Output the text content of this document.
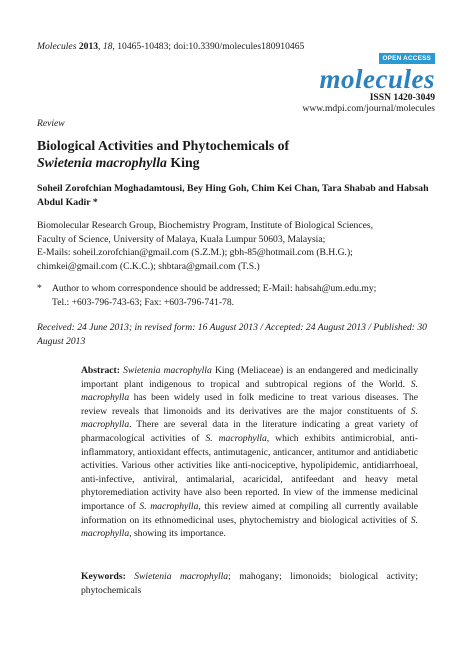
Molecules 2013, 18, 10465-10483; doi:10.3390/molecules180910465
OPEN ACCESS
molecules
ISSN 1420-3049
www.mdpi.com/journal/molecules
Review
Biological Activities and Phytochemicals of
Swietenia macrophylla King
Soheil Zorofchian Moghadamtousi, Bey Hing Goh, Chim Kei Chan, Tara Shabab and Habsah Abdul Kadir *
Biomolecular Research Group, Biochemistry Program, Institute of Biological Sciences,
Faculty of Science, University of Malaya, Kuala Lumpur 50603, Malaysia;
E-Mails: soheil.zorofchian@gmail.com (S.Z.M.); gbh-85@hotmail.com (B.H.G.);
chimkei@gmail.com (C.K.C.); shbtara@gmail.com (T.S.)
* Author to whom correspondence should be addressed; E-Mail: habsah@um.edu.my;
Tel.: +603-796-743-63; Fax: +603-796-741-78.
Received: 24 June 2013; in revised form: 16 August 2013 / Accepted: 24 August 2013 / Published: 30 August 2013
Abstract: Swietenia macrophylla King (Meliaceae) is an endangered and medicinally important plant indigenous to tropical and subtropical regions of the World. S. macrophylla has been widely used in folk medicine to treat various diseases. The review reveals that limonoids and its derivatives are the major constituents of S. macrophylla. There are several data in the literature indicating a great variety of pharmacological activities of S. macrophylla, which exhibits antimicrobial, anti-inflammatory, antioxidant effects, antimutagenic, anticancer, antitumor and antidiabetic activities. Various other activities like anti-nociceptive, hypolipidemic, antidiarrhoeal, anti-infective, antiviral, antimalarial, acaricidal, antifeedant and heavy metal phytoremediation activity have also been reported. In view of the immense medicinal importance of S. macrophylla, this review aimed at compiling all currently available information on its ethnomedicinal uses, phytochemistry and biological activities of S. macrophylla, showing its importance.
Keywords: Swietenia macrophylla; mahogany; limonoids; biological activity; phytochemicals
